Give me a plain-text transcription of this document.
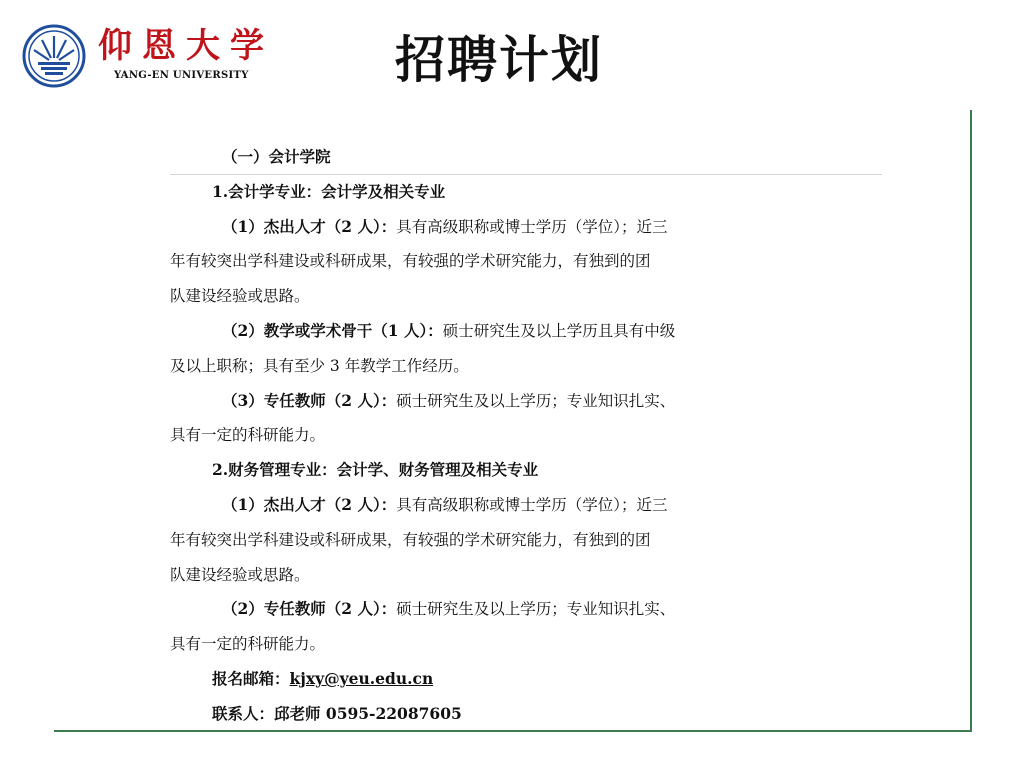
仰恩大学
YANG-EN UNIVERSITY	招聘计划
（一）会计学院
1.会计学专业：会计学及相关专业
（1）杰出人才（2 人）：具有高级职称或博士学历（学位）；近三
年有较突出学科建设或科研成果，有较强的学术研究能力，有独到的团
队建设经验或思路。
（2）教学或学术骨干（1 人）：硕士研究生及以上学历且具有中级
及以上职称；具有至少 3 年教学工作经历。
（3）专任教师（2 人）：硕士研究生及以上学历；专业知识扎实、
具有一定的科研能力。
2.财务管理专业：会计学、财务管理及相关专业
（1）杰出人才（2 人）：具有高级职称或博士学历（学位）；近三
年有较突出学科建设或科研成果，有较强的学术研究能力，有独到的团
队建设经验或思路。
（2）专任教师（2 人）：硕士研究生及以上学历；专业知识扎实、
具有一定的科研能力。
报名邮箱：kjxy@yeu.edu.cn
联系人：邱老师 0595-22087605
